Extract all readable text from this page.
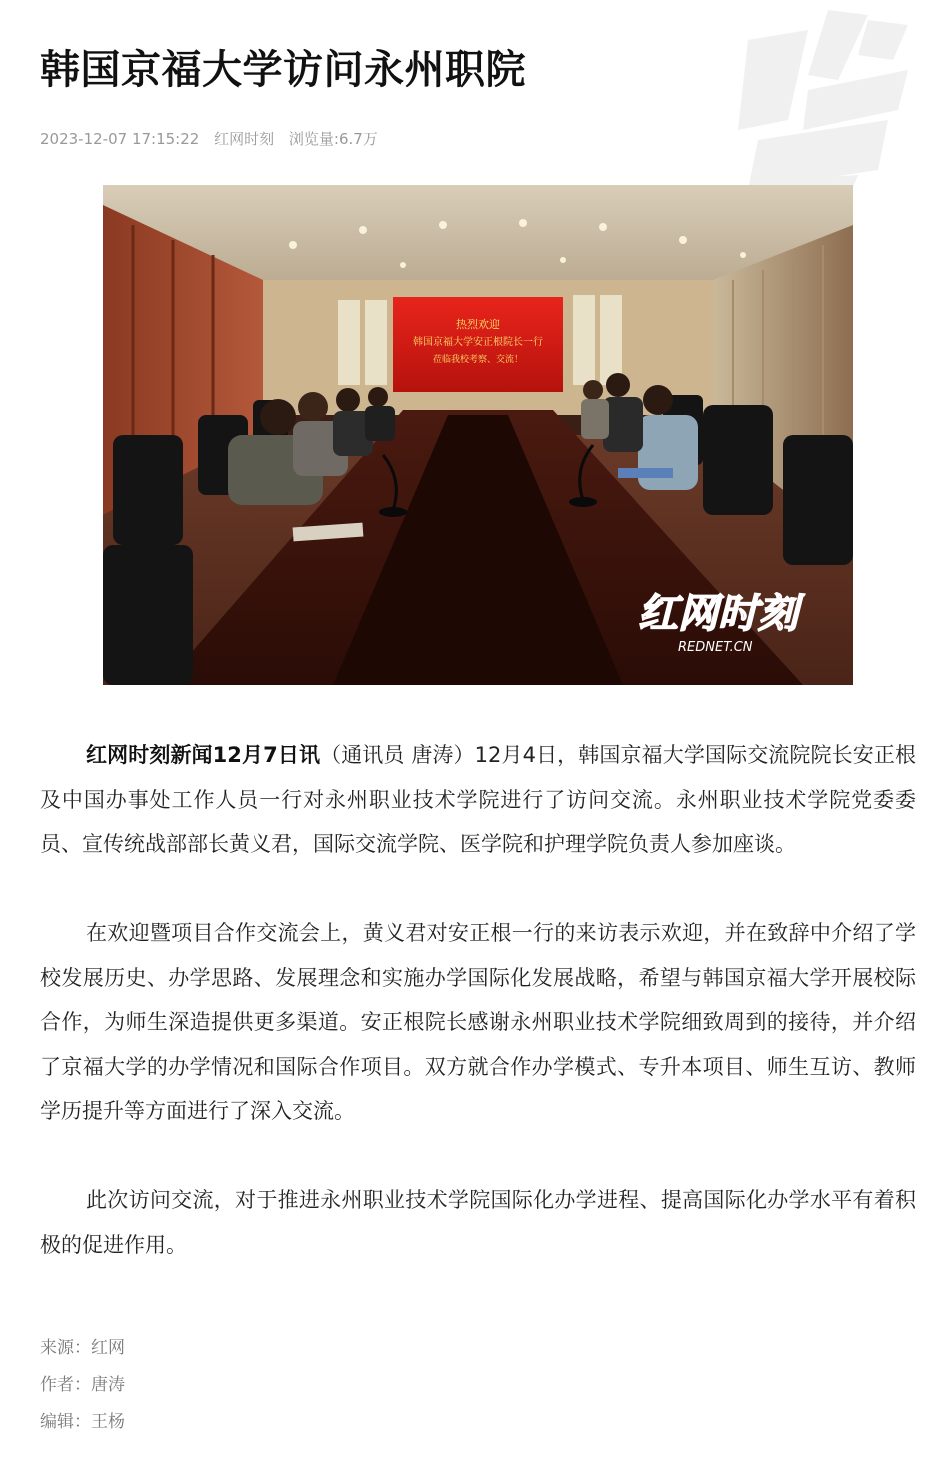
韩国京福大学访问永州职院
2023-12-07 17:15:22 红网时刻 浏览量:6.7万
热烈欢迎
韩国京福大学安正根院长一行
莅临我校考察、交流！
红网时刻
REDNET.CN

红网时刻新闻12月7日讯（通讯员 唐涛）12月4日，韩国京福大学国际交流院院长安正根及中国办事处工作人员一行对永州职业技术学院进行了访问交流。永州职业技术学院党委委员、宣传统战部部长黄义君，国际交流学院、医学院和护理学院负责人参加座谈。

在欢迎暨项目合作交流会上，黄义君对安正根一行的来访表示欢迎，并在致辞中介绍了学校发展历史、办学思路、发展理念和实施办学国际化发展战略，希望与韩国京福大学开展校际合作，为师生深造提供更多渠道。安正根院长感谢永州职业技术学院细致周到的接待，并介绍了京福大学的办学情况和国际合作项目。双方就合作办学模式、专升本项目、师生互访、教师学历提升等方面进行了深入交流。

此次访问交流，对于推进永州职业技术学院国际化办学进程、提高国际化办学水平有着积极的促进作用。

来源：红网
作者：唐涛
编辑：王杨
